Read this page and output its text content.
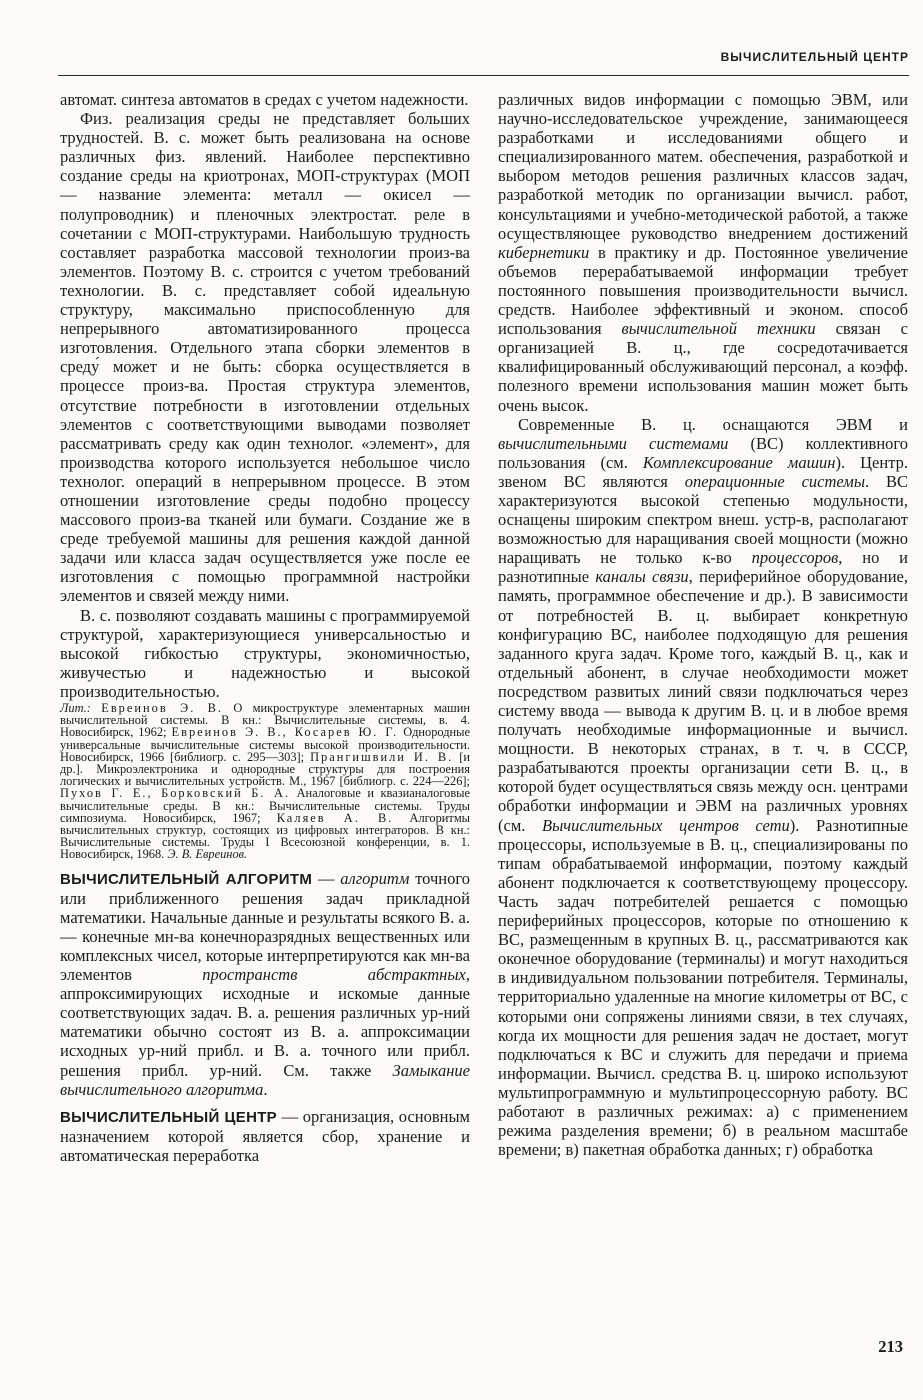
ВЫЧИСЛИТЕЛЬНЫЙ ЦЕНТР

автомат. синтеза автоматов в средах с учетом надежности.

Физ. реализация среды не представляет больших трудностей. В. с. может быть реализована на основе различных физ. явлений. Наиболее перспективно создание среды на криотронах, МОП-структурах (МОП — название элемента: металл — окисел — полупроводник) и пленочных электростат. реле в сочетании с МОП-структурами. Наибольшую трудность составляет разработка массовой технологии произ-ва элементов. Поэтому В. с. строится с учетом требований технологии. В. с. представляет собой идеальную структуру, максимально приспособленную для непрерывного автоматизированного процесса изготовления. Отдельного этапа сборки элементов в среду́ может и не быть: сборка осуществляется в процессе произ-ва. Простая структура элементов, отсутствие потребности в изготовлении отдельных элементов с соответствующими выводами позволяет рассматривать среду как один технолог. «элемент», для производства которого используется небольшое число технолог. операций в непрерывном процессе. В этом отношении изготовление среды подобно процессу массового произ-ва тканей или бумаги. Создание же в среде требуемой машины для решения каждой данной задачи или класса задач осуществляется уже после ее изготовления с помощью программной настройки элементов и связей между ними.

В. с. позволяют создавать машины с программируемой структурой, характеризующиеся универсальностью и высокой гибкостью структуры, экономичностью, живучестью и надежностью и высокой производительностью.

Лит.: Евреинов Э. В. О микроструктуре элементарных машин вычислительной системы. В кн.: Вычислительные системы, в. 4. Новосибирск, 1962; Евреинов Э. В., Косарев Ю. Г. Однородные универсальные вычислительные системы высокой производительности. Новосибирск, 1966 [библиогр. с. 295—303]; Прангишвили И. В. [и др.]. Микроэлектроника и однородные структуры для построения логических и вычислительных устройств. М., 1967 [библиогр. с. 224—226]; Пухов Г. Е., Борковский Б. А. Аналоговые и квазианалоговые вычислительные среды. В кн.: Вычислительные системы. Труды симпозиума. Новосибирск, 1967; Каляев А. В. Алгоритмы вычислительных структур, состоящих из цифровых интеграторов. В кн.: Вычислительные системы. Труды I Всесоюзной конференции, в. 1. Новосибирск, 1968. Э. В. Евреинов.

ВЫЧИСЛИТЕЛЬНЫЙ АЛГОРИТМ — алгоритм точного или приближенного решения задач прикладной математики. Начальные данные и результаты всякого В. а.— конечные мн-ва конечноразрядных вещественных или комплексных чисел, которые интерпретируются как мн-ва элементов пространств абстрактных, аппроксимирующих исходные и искомые данные соответствующих задач. В. а. решения различных ур-ний математики обычно состоят из В. а. аппроксимации исходных ур-ний прибл. и В. а. точного или прибл. решения прибл. ур-ний. См. также Замыкание вычислительного алгоритма.

ВЫЧИСЛИТЕЛЬНЫЙ ЦЕНТР — организация, основным назначением которой является сбор, хранение и автоматическая переработка

различных видов информации с помощью ЭВМ, или научно-исследовательское учреждение, занимающееся разработками и исследованиями общего и специализированного матем. обеспечения, разработкой и выбором методов решения различных классов задач, разработкой методик по организации вычисл. работ, консультациями и учебно-методической работой, а также осуществляющее руководство внедрением достижений кибернетики в практику и др. Постоянное увеличение объемов перерабатываемой информации требует постоянного повышения производительности вычисл. средств. Наиболее эффективный и эконом. способ использования вычислительной техники связан с организацией В. ц., где сосредотачивается квалифицированный обслуживающий персонал, а коэфф. полезного времени использования машин может быть очень высок.

Современные В. ц. оснащаются ЭВМ и вычислительными системами (ВС) коллективного пользования (см. Комплексирование машин). Центр. звеном ВС являются операционные системы. ВС характеризуются высокой степенью модульности, оснащены широким спектром внеш. устр-в, располагают возможностью для наращивания своей мощности (можно наращивать не только к-во процессоров, но и разнотипные каналы связи, периферийное оборудование, память, программное обеспечение и др.). В зависимости от потребностей В. ц. выбирает конкретную конфигурацию ВС, наиболее подходящую для решения заданного круга задач. Кроме того, каждый В. ц., как и отдельный абонент, в случае необходимости может посредством развитых линий связи подключаться через систему ввода — вывода к другим В. ц. и в любое время получать необходимые информационные и вычисл. мощности. В некоторых странах, в т. ч. в СССР, разрабатываются проекты организации сети В. ц., в которой будет осуществляться связь между осн. центрами обработки информации и ЭВМ на различных уровнях (см. Вычислительных центров сети). Разнотипные процессоры, используемые в В. ц., специализированы по типам обрабатываемой информации, поэтому каждый абонент подключается к соответствующему процессору. Часть задач потребителей решается с помощью периферийных процессоров, которые по отношению к ВС, размещенным в крупных В. ц., рассматриваются как оконечное оборудование (терминалы) и могут находиться в индивидуальном пользовании потребителя. Терминалы, территориально удаленные на многие километры от ВС, с которыми они сопряжены линиями связи, в тех случаях, когда их мощности для решения задач не достает, могут подключаться к ВС и служить для передачи и приема информации. Вычисл. средства В. ц. широко используют мультипрограммную и мультипроцессорную работу. ВС работают в различных режимах: а) с применением режима разделения времени; б) в реальном масштабе времени; в) пакетная обработка данных; г) обработка

213
